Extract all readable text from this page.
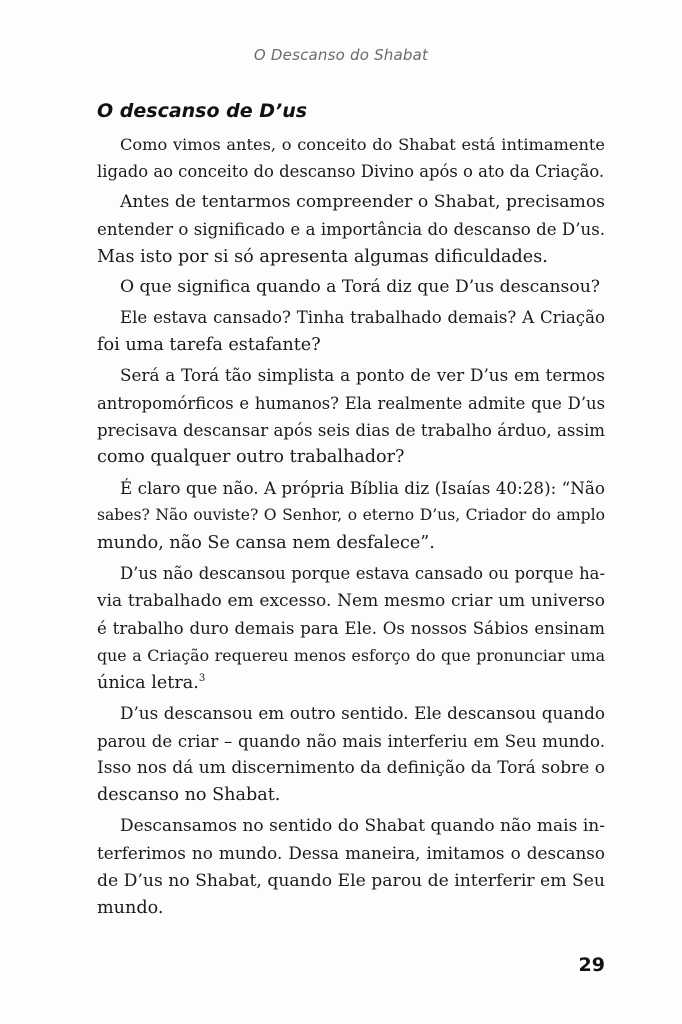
O Descanso do Shabat
O descanso de D’us
Como vimos antes, o conceito do Shabat está intimamente
ligado ao conceito do descanso Divino após o ato da Criação.
Antes de tentarmos compreender o Shabat, precisamos
entender o significado e a importância do descanso de D’us.
Mas isto por si só apresenta algumas dificuldades.
O que significa quando a Torá diz que D’us descansou?
Ele estava cansado? Tinha trabalhado demais? A Criação
foi uma tarefa estafante?
Será a Torá tão simplista a ponto de ver D’us em termos
antropomórficos e humanos? Ela realmente admite que D’us
precisava descansar após seis dias de trabalho árduo, assim
como qualquer outro trabalhador?
É claro que não. A própria Bíblia diz (Isaías 40:28): “Não
sabes? Não ouviste? O Senhor, o eterno D’us, Criador do amplo
mundo, não Se cansa nem desfalece”.
D’us não descansou porque estava cansado ou porque ha-
via trabalhado em excesso. Nem mesmo criar um universo
é trabalho duro demais para Ele. Os nossos Sábios ensinam
que a Criação requereu menos esforço do que pronunciar uma
única letra.$^3$
D’us descansou em outro sentido. Ele descansou quando
parou de criar – quando não mais interferiu em Seu mundo.
Isso nos dá um discernimento da definição da Torá sobre o
descanso no Shabat.
Descansamos no sentido do Shabat quando não mais in-
terferimos no mundo. Dessa maneira, imitamos o descanso
de D’us no Shabat, quando Ele parou de interferir em Seu
mundo.
29
